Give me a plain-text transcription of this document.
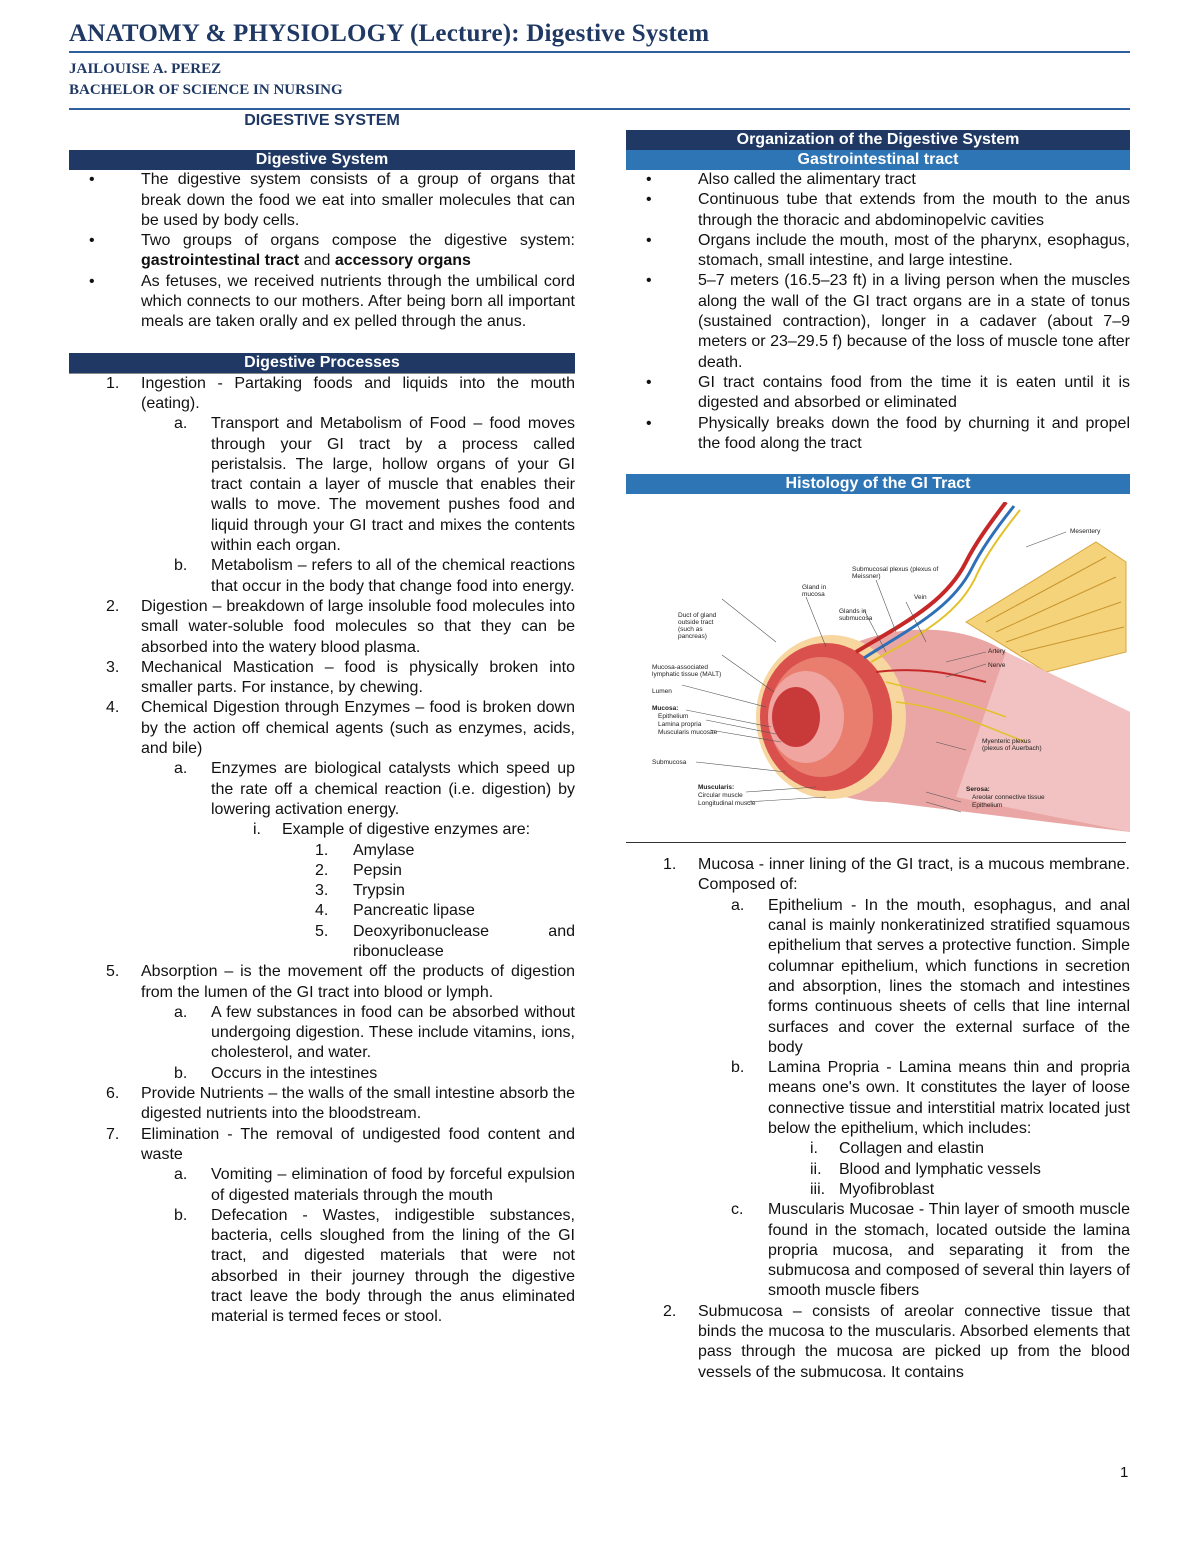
ANATOMY & PHYSIOLOGY (Lecture): Digestive System
JAILOUISE A. PEREZ
BACHELOR OF SCIENCE IN NURSING
DIGESTIVE SYSTEM
Digestive System
•	The digestive system consists of a group of organs that break down the food we eat into smaller molecules that can be used by body cells.
•	Two groups of organs compose the digestive system: gastrointestinal tract and accessory organs
•	As fetuses, we received nutrients through the umbilical cord which connects to our mothers. After being born all important meals are taken orally and ex pelled through the anus.
Digestive Processes
1.	Ingestion - Partaking foods and liquids into the mouth (eating).
a.	Transport and Metabolism of Food – food moves through your GI tract by a process called peristalsis. The large, hollow organs of your GI tract contain a layer of muscle that enables their walls to move. The movement pushes food and liquid through your GI tract and mixes the contents within each organ.
b.	Metabolism – refers to all of the chemical reactions that occur in the body that change food into energy.
2.	Digestion – breakdown of large insoluble food molecules into small water-soluble food molecules so that they can be absorbed into the watery blood plasma.
3.	Mechanical Mastication – food is physically broken into smaller parts. For instance, by chewing.
4.	Chemical Digestion through Enzymes – food is broken down by the action off chemical agents (such as enzymes, acids, and bile)
a.	Enzymes are biological catalysts which speed up the rate off a chemical reaction (i.e. digestion) by lowering activation energy.
i.	Example of digestive enzymes are:
1.	Amylase
2.	Pepsin
3.	Trypsin
4.	Pancreatic lipase
5.	Deoxyribonuclease and ribonuclease
5.	Absorption – is the movement off the products of digestion from the lumen of the GI tract into blood or lymph.
a.	A few substances in food can be absorbed without undergoing digestion. These include vitamins, ions, cholesterol, and water.
b.	Occurs in the intestines
6.	Provide Nutrients – the walls of the small intestine absorb the digested nutrients into the bloodstream.
7.	Elimination - The removal of undigested food content and waste
a.	Vomiting – elimination of food by forceful expulsion of digested materials through the mouth
b.	Defecation - Wastes, indigestible substances, bacteria, cells sloughed from the lining of the GI tract, and digested materials that were not absorbed in their journey through the digestive tract leave the body through the anus eliminated material is termed feces or stool.
Organization of the Digestive System
Gastrointestinal tract
•	Also called the alimentary tract
•	Continuous tube that extends from the mouth to the anus through the thoracic and abdominopelvic cavities
•	Organs include the mouth, most of the pharynx, esophagus, stomach, small intestine, and large intestine.
•	5–7 meters (16.5–23 ft) in a living person when the muscles along the wall of the GI tract organs are in a state of tonus (sustained contraction), longer in a cadaver (about 7–9 meters or 23–29.5 f) because of the loss of muscle tone after death.
•	GI tract contains food from the time it is eaten until it is digested and absorbed or eliminated
•	Physically breaks down the food by churning it and propel the food along the tract
Histology of the GI Tract
Mesentery
Submucosal plexus (plexus of Meissner)
Vein
Gland in mucosa
Glands in submucosa
Duct of gland outside tract (such as pancreas)
Mucosa-associated lymphatic tissue (MALT)
Artery
Nerve
Lumen
Mucosa:
Epithelium
Lamina propria
Muscularis mucosae
Myenteric plexus (plexus of Auerbach)
Submucosa
Muscularis:
Circular muscle
Longitudinal muscle
Serosa:
Areolar connective tissue
Epithelium
1.	Mucosa - inner lining of the GI tract, is a mucous membrane. Composed of:
a.	Epithelium - In the mouth, esophagus, and anal canal is mainly nonkeratinized stratified squamous epithelium that serves a protective function. Simple columnar epithelium, which functions in secretion and absorption, lines the stomach and intestines forms continuous sheets of cells that line internal surfaces and cover the external surface of the body
b.	Lamina Propria - Lamina means thin and propria means one's own. It constitutes the layer of loose connective tissue and interstitial matrix located just below the epithelium, which includes:
i.	Collagen and elastin
ii.	Blood and lymphatic vessels
iii. Myofibroblast
c.	Muscularis Mucosae - Thin layer of smooth muscle found in the stomach, located outside the lamina propria mucosa, and separating it from the submucosa and composed of several thin layers of smooth muscle fibers
2.	Submucosa – consists of areolar connective tissue that binds the mucosa to the muscularis. Absorbed elements that pass through the mucosa are picked up from the blood vessels of the submucosa. It contains
1
